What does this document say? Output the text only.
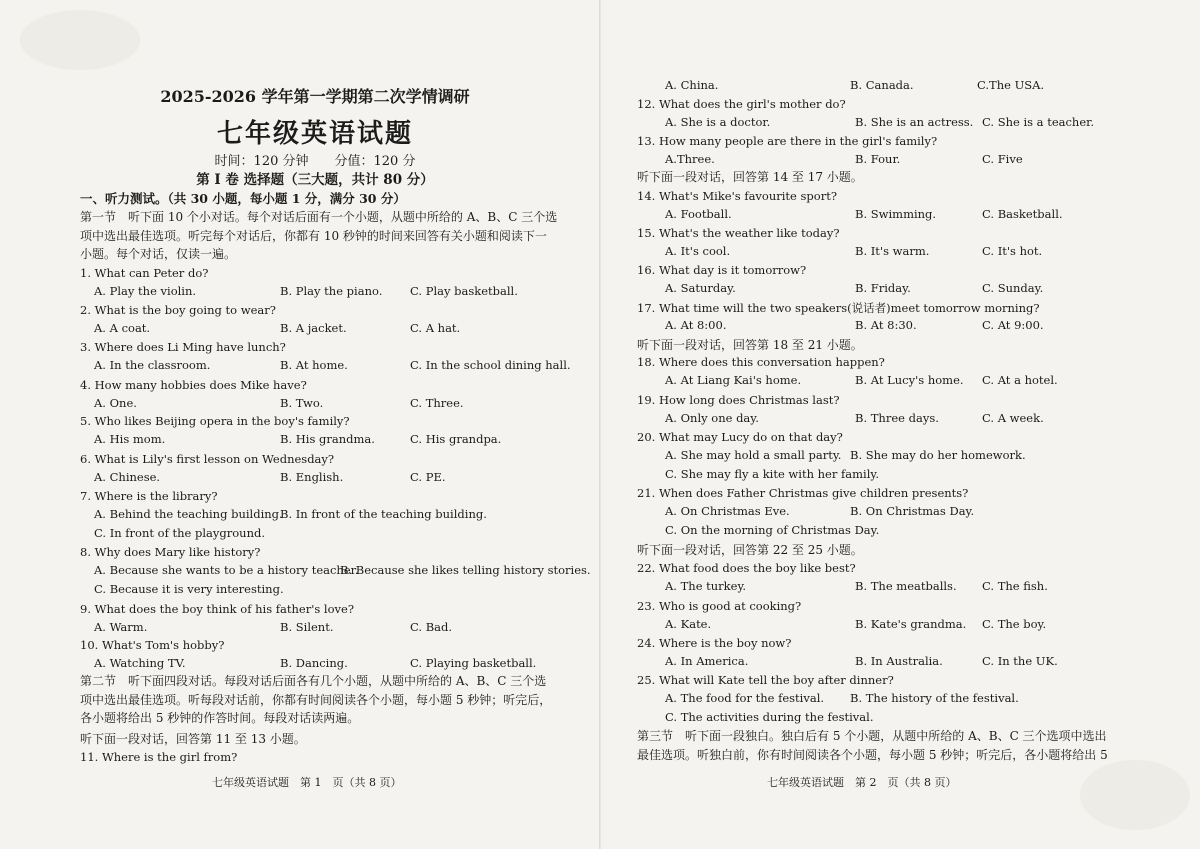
2025-2026 学年第一学期第二次学情调研
七年级英语试题
时间：120 分钟 分值：120 分
第 I 卷 选择题（三大题，共计 80 分）
一、听力测试。（共 30 小题，每小题 1 分，满分 30 分）
第一节　听下面 10 个小对话。每个对话后面有一个小题，从题中所给的 A、B、C 三个选
项中选出最佳选项。听完每个对话后，你都有 10 秒钟的时间来回答有关小题和阅读下一
小题。每个对话，仅读一遍。
1. What can Peter do?
A. Play the violin.	B. Play the piano. C. Play basketball.
2. What is the boy going to wear?
A. A coat.	B. A jacket.	C. A hat.
3. Where does Li Ming have lunch?
A. In the classroom.	B. At home.	C. In the school dining hall.
4. How many hobbies does Mike have?
A. One.	B. Two.	C. Three.
5. Who likes Beijing opera in the boy's family?
A. His mom.	B. His grandma.	C. His grandpa.
6. What is Lily's first lesson on Wednesday?
A. Chinese.	B. English.	C. PE.
7. Where is the library?
A. Behind the teaching building.
B. In front of the teaching building.
C. In front of the playground.
8. Why does Mary like history?
A. Because she wants to be a history teacher.
B. Because she likes telling history stories.
C. Because it is very interesting.
9. What does the boy think of his father's love?
A. Warm.	B. Silent.	C. Bad.
10. What's Tom's hobby?
A. Watching TV.	B. Dancing.	C. Playing basketball.
第二节　听下面四段对话。每段对话后面各有几个小题，从题中所给的 A、B、C 三个选
项中选出最佳选项。听每段对话前，你都有时间阅读各个小题，每小题 5 秒钟；听完后，
各小题将给出 5 秒钟的作答时间。每段对话读两遍。
听下面一段对话，回答第 11 至 13 小题。
11. Where is the girl from?
七年级英语试题　第 1　页（共 8 页）
A. China.	B. Canada.	C.The USA.
12. What does the girl's mother do?
A. She is a doctor.	B. She is an actress. C. She is a teacher.
13. How many people are there in the girl's family?
A.Three.	B. Four.	C. Five
14. What's Mike's favourite sport?
A. Football.	B. Swimming.	C. Basketball.
15. What's the weather like today?
A. It's cool.	B. It's warm.	C. It's hot.
16. What day is it tomorrow?
A. Saturday.	B. Friday.	C. Sunday.
17. What time will the two speakers(说话者)meet tomorrow morning?
A. At 8:00.	B. At 8:30.	C. At 9:00.
18. Where does this conversation happen?
A. At Liang Kai's home.	B. At Lucy's home. C. At a hotel.
19. How long does Christmas last?
A. Only one day.	B. Three days.	C. A week.
20. What may Lucy do on that day?
A. She may hold a small party. B. She may do her homework.
C. She may fly a kite with her family.
21. When does Father Christmas give children presents?
A. On Christmas Eve.	B. On Christmas Day.
C. On the morning of Christmas Day.
22. What food does the boy like best?
A. The turkey.	B. The meatballs. C. The fish.
23. Who is good at cooking?
A. Kate.	B. Kate's grandma. C. The boy.
24. Where is the boy now?
A. In America.	B. In Australia.	C. In the UK.
25. What will Kate tell the boy after dinner?
A. The food for the festival. B. The history of the festival.
C. The activities during the festival.
听下面一段对话，回答第 14 至 17 小题。
听下面一段对话，回答第 18 至 21 小题。
听下面一段对话，回答第 22 至 25 小题。
第三节　听下面一段独白。独白后有 5 个小题，从题中所给的 A、B、C 三个选项中选出
最佳选项。听独白前，你有时间阅读各个小题，每小题 5 秒钟；听完后，各小题将给出 5
七年级英语试题　第 2　页（共 8 页）
